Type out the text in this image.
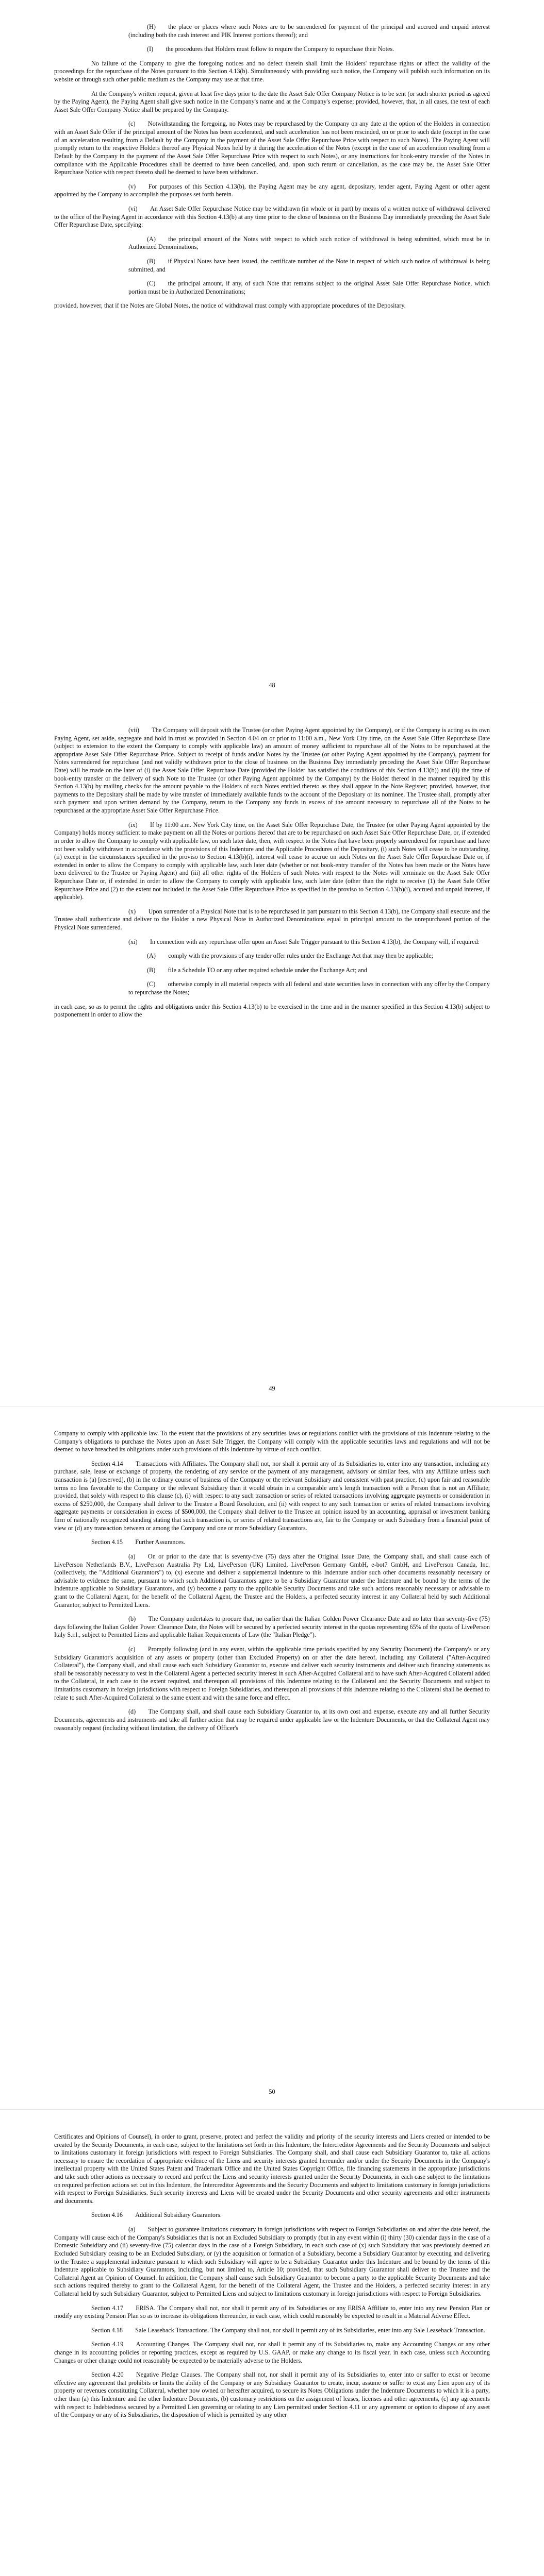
(H)  the place or places where such Notes are to be surrendered for payment of the principal and accrued and unpaid interest (including both the cash interest and PIK Interest portions thereof); and

(I)  the procedures that Holders must follow to require the Company to repurchase their Notes.

No failure of the Company to give the foregoing notices and no defect therein shall limit the Holders' repurchase rights or affect the validity of the proceedings for the repurchase of the Notes pursuant to this Section 4.13(b). Simultaneously with providing such notice, the Company will publish such information on its website or through such other public medium as the Company may use at that time.

At the Company's written request, given at least five days prior to the date the Asset Sale Offer Company Notice is to be sent (or such shorter period as agreed by the Paying Agent), the Paying Agent shall give such notice in the Company's name and at the Company's expense; provided, however, that, in all cases, the text of each Asset Sale Offer Company Notice shall be prepared by the Company.

(c)  Notwithstanding the foregoing, no Notes may be repurchased by the Company on any date at the option of the Holders in connection with an Asset Sale Offer if the principal amount of the Notes has been accelerated, and such acceleration has not been rescinded, on or prior to such date (except in the case of an acceleration resulting from a Default by the Company in the payment of the Asset Sale Offer Repurchase Price with respect to such Notes). The Paying Agent will promptly return to the respective Holders thereof any Physical Notes held by it during the acceleration of the Notes (except in the case of an acceleration resulting from a Default by the Company in the payment of the Asset Sale Offer Repurchase Price with respect to such Notes), or any instructions for book-entry transfer of the Notes in compliance with the Applicable Procedures shall be deemed to have been cancelled, and, upon such return or cancellation, as the case may be, the Asset Sale Offer Repurchase Notice with respect thereto shall be deemed to have been withdrawn.

(v)  For purposes of this Section 4.13(b), the Paying Agent may be any agent, depositary, tender agent, Paying Agent or other agent appointed by the Company to accomplish the purposes set forth herein.

(vi)  An Asset Sale Offer Repurchase Notice may be withdrawn (in whole or in part) by means of a written notice of withdrawal delivered to the office of the Paying Agent in accordance with this Section 4.13(b) at any time prior to the close of business on the Business Day immediately preceding the Asset Sale Offer Repurchase Date, specifying:

(A)  the principal amount of the Notes with respect to which such notice of withdrawal is being submitted, which must be in Authorized Denominations,

(B)  if Physical Notes have been issued, the certificate number of the Note in respect of which such notice of withdrawal is being submitted, and

(C)  the principal amount, if any, of such Note that remains subject to the original Asset Sale Offer Repurchase Notice, which portion must be in Authorized Denominations;

provided, however, that if the Notes are Global Notes, the notice of withdrawal must comply with appropriate procedures of the Depositary.

48

(vii)  The Company will deposit with the Trustee (or other Paying Agent appointed by the Company), or if the Company is acting as its own Paying Agent, set aside, segregate and hold in trust as provided in Section 4.04 on or prior to 11:00 a.m., New York City time, on the Asset Sale Offer Repurchase Date (subject to extension to the extent the Company to comply with applicable law) an amount of money sufficient to repurchase all of the Notes to be repurchased at the appropriate Asset Sale Offer Repurchase Price. Subject to receipt of funds and/or Notes by the Trustee (or other Paying Agent appointed by the Company), payment for Notes surrendered for repurchase (and not validly withdrawn prior to the close of business on the Business Day immediately preceding the Asset Sale Offer Repurchase Date) will be made on the later of (i) the Asset Sale Offer Repurchase Date (provided the Holder has satisfied the conditions of this Section 4.13(b)) and (ii) the time of book-entry transfer or the delivery of such Note to the Trustee (or other Paying Agent appointed by the Company) by the Holder thereof in the manner required by this Section 4.13(b) by mailing checks for the amount payable to the Holders of such Notes entitled thereto as they shall appear in the Note Register; provided, however, that payments to the Depositary shall be made by wire transfer of immediately available funds to the account of the Depositary or its nominee. The Trustee shall, promptly after such payment and upon written demand by the Company, return to the Company any funds in excess of the amount necessary to repurchase all of the Notes to be repurchased at the appropriate Asset Sale Offer Repurchase Price.

(ix)  If by 11:00 a.m. New York City time, on the Asset Sale Offer Repurchase Date, the Trustee (or other Paying Agent appointed by the Company) holds money sufficient to make payment on all the Notes or portions thereof that are to be repurchased on such Asset Sale Offer Repurchase Date, or, if extended in order to allow the Company to comply with applicable law, on such later date, then, with respect to the Notes that have been properly surrendered for repurchase and have not been validly withdrawn in accordance with the provisions of this Indenture and the Applicable Procedures of the Depositary, (i) such Notes will cease to be outstanding, (ii) except in the circumstances specified in the proviso to Section 4.13(b)(i), interest will cease to accrue on such Notes on the Asset Sale Offer Repurchase Date or, if extended in order to allow the Company to comply with applicable law, such later date (whether or not book-entry transfer of the Notes has been made or the Notes have been delivered to the Trustee or Paying Agent) and (iii) all other rights of the Holders of such Notes with respect to the Notes will terminate on the Asset Sale Offer Repurchase Date or, if extended in order to allow the Company to comply with applicable law, such later date (other than the right to receive (1) the Asset Sale Offer Repurchase Price and (2) to the extent not included in the Asset Sale Offer Repurchase Price as specified in the proviso to Section 4.13(b)(i), accrued and unpaid interest, if applicable).

(x)  Upon surrender of a Physical Note that is to be repurchased in part pursuant to this Section 4.13(b), the Company shall execute and the Trustee shall authenticate and deliver to the Holder a new Physical Note in Authorized Denominations equal in principal amount to the unrepurchased portion of the Physical Note surrendered.

(xi)  In connection with any repurchase offer upon an Asset Sale Trigger pursuant to this Section 4.13(b), the Company will, if required:

(A)  comply with the provisions of any tender offer rules under the Exchange Act that may then be applicable;

(B)  file a Schedule TO or any other required schedule under the Exchange Act; and

(C)  otherwise comply in all material respects with all federal and state securities laws in connection with any offer by the Company to repurchase the Notes;

in each case, so as to permit the rights and obligations under this Section 4.13(b) to be exercised in the time and in the manner specified in this Section 4.13(b) subject to postponement in order to allow the

49

Company to comply with applicable law. To the extent that the provisions of any securities laws or regulations conflict with the provisions of this Indenture relating to the Company's obligations to purchase the Notes upon an Asset Sale Trigger, the Company will comply with the applicable securities laws and regulations and will not be deemed to have breached its obligations under such provisions of this Indenture by virtue of such conflict.

Section 4.14  Transactions with Affiliates. The Company shall not, nor shall it permit any of its Subsidiaries to, enter into any transaction, including any purchase, sale, lease or exchange of property, the rendering of any service or the payment of any management, advisory or similar fees, with any Affiliate unless such transaction is (a) [reserved], (b) in the ordinary course of business of the Company or the relevant Subsidiary and consistent with past practice, (c) upon fair and reasonable terms no less favorable to the Company or the relevant Subsidiary than it would obtain in a comparable arm's length transaction with a Person that is not an Affiliate; provided, that solely with respect to this clause (c), (i) with respect to any such transaction or series of related transactions involving aggregate payments or consideration in excess of $250,000, the Company shall deliver to the Trustee a Board Resolution, and (ii) with respect to any such transaction or series of related transactions involving aggregate payments or consideration in excess of $500,000, the Company shall deliver to the Trustee an opinion issued by an accounting, appraisal or investment banking firm of nationally recognized standing stating that such transaction is, or series of related transactions are, fair to the Company or such Subsidiary from a financial point of view or (d) any transaction between or among the Company and one or more Subsidiary Guarantors.

Section 4.15  Further Assurances.

(a)  On or prior to the date that is seventy-five (75) days after the Original Issue Date, the Company shall, and shall cause each of LivePerson Netherlands B.V., LivePerson Australia Pty Ltd, LivePerson (UK) Limited, LivePerson Germany GmbH, e-bot7 GmbH, and LivePerson Canada, Inc. (collectively, the "Additional Guarantors") to, (x) execute and deliver a supplemental indenture to this Indenture and/or such other documents reasonably necessary or advisable to evidence the same, pursuant to which such Additional Guarantors agree to be a Subsidiary Guarantor under the Indenture and be bound by the terms of the Indenture applicable to Subsidiary Guarantors, and (y) become a party to the applicable Security Documents and take such actions reasonably necessary or advisable to grant to the Collateral Agent, for the benefit of the Collateral Agent, the Trustee and the Holders, a perfected security interest in any Collateral held by such Additional Guarantor, subject to Permitted Liens.

(b)  The Company undertakes to procure that, no earlier than the Italian Golden Power Clearance Date and no later than seventy-five (75) days following the Italian Golden Power Clearance Date, the Notes will be secured by a perfected security interest in the quotas representing 65% of the quota of LivePerson Italy S.r.l., subject to Permitted Liens and applicable Italian Requirements of Law (the "Italian Pledge").

(c)  Promptly following (and in any event, within the applicable time periods specified by any Security Document) the Company's or any Subsidiary Guarantor's acquisition of any assets or property (other than Excluded Property) on or after the date hereof, including any Collateral ("After-Acquired Collateral"), the Company shall, and shall cause each such Subsidiary Guarantor to, execute and deliver such security instruments and deliver such financing statements as shall be reasonably necessary to vest in the Collateral Agent a perfected security interest in such After-Acquired Collateral and to have such After-Acquired Collateral added to the Collateral, in each case to the extent required, and thereupon all provisions of this Indenture relating to the Collateral and the Security Documents and subject to limitations customary in foreign jurisdictions with respect to Foreign Subsidiaries, and thereupon all provisions of this Indenture relating to the Collateral shall be deemed to relate to such After-Acquired Collateral to the same extent and with the same force and effect.

(d)  The Company shall, and shall cause each Subsidiary Guarantor to, at its own cost and expense, execute any and all further Security Documents, agreements and instruments and take all further action that may be required under applicable law or the Indenture Documents, or that the Collateral Agent may reasonably request (including without limitation, the delivery of Officer's

50

Certificates and Opinions of Counsel), in order to grant, preserve, protect and perfect the validity and priority of the security interests and Liens created or intended to be created by the Security Documents, in each case, subject to the limitations set forth in this Indenture, the Intercreditor Agreements and the Security Documents and subject to limitations customary in foreign jurisdictions with respect to Foreign Subsidiaries. The Company shall, and shall cause each Subsidiary Guarantor to, take all actions necessary to ensure the recordation of appropriate evidence of the Liens and security interests granted hereunder and/or under the Security Documents in the Company's intellectual property with the United States Patent and Trademark Office and the United States Copyright Office, file financing statements in the appropriate jurisdictions and take such other actions as necessary to record and perfect the Liens and security interests granted under the Security Documents, in each case subject to the limitations on required perfection actions set out in this Indenture, the Intercreditor Agreements and the Security Documents and subject to limitations customary in foreign jurisdictions with respect to Foreign Subsidiaries. Such security interests and Liens will be created under the Security Documents and other security agreements and other instruments and documents.

Section 4.16  Additional Subsidiary Guarantors.

(a)  Subject to guarantee limitations customary in foreign jurisdictions with respect to Foreign Subsidiaries on and after the date hereof, the Company will cause each of the Company's Subsidiaries that is not an Excluded Subsidiary to promptly (but in any event within (i) thirty (30) calendar days in the case of a Domestic Subsidiary and (ii) seventy-five (75) calendar days in the case of a Foreign Subsidiary, in each such case of (x) such Subsidiary that was previously deemed an Excluded Subsidiary ceasing to be an Excluded Subsidiary, or (y) the acquisition or formation of a Subsidiary, become a Subsidiary Guarantor by executing and delivering to the Trustee a supplemental indenture pursuant to which such Subsidiary will agree to be a Subsidiary Guarantor under this Indenture and be bound by the terms of this Indenture applicable to Subsidiary Guarantors, including, but not limited to, Article 10; provided, that such Subsidiary Guarantor shall deliver to the Trustee and the Collateral Agent an Opinion of Counsel. In addition, the Company shall cause such Subsidiary Guarantor to become a party to the applicable Security Documents and take such actions required thereby to grant to the Collateral Agent, for the benefit of the Collateral Agent, the Trustee and the Holders, a perfected security interest in any Collateral held by such Subsidiary Guarantor, subject to Permitted Liens and subject to limitations customary in foreign jurisdictions with respect to Foreign Subsidiaries.

Section 4.17  ERISA. The Company shall not, nor shall it permit any of its Subsidiaries or any ERISA Affiliate to, enter into any new Pension Plan or modify any existing Pension Plan so as to increase its obligations thereunder, in each case, which could reasonably be expected to result in a Material Adverse Effect.

Section 4.18  Sale Leaseback Transactions. The Company shall not, nor shall it permit any of its Subsidiaries, enter into any Sale Leaseback Transaction.

Section 4.19  Accounting Changes. The Company shall not, nor shall it permit any of its Subsidiaries to, make any Accounting Changes or any other change in its accounting policies or reporting practices, except as required by U.S. GAAP, or make any change to its fiscal year, in each case, unless such Accounting Changes or other change could not reasonably be expected to be materially adverse to the Holders.

Section 4.20  Negative Pledge Clauses. The Company shall not, nor shall it permit any of its Subsidiaries to, enter into or suffer to exist or become effective any agreement that prohibits or limits the ability of the Company or any Subsidiary Guarantor to create, incur, assume or suffer to exist any Lien upon any of its property or revenues constituting Collateral, whether now owned or hereafter acquired, to secure its Notes Obligations under the Indenture Documents to which it is a party, other than (a) this Indenture and the other Indenture Documents, (b) customary restrictions on the assignment of leases, licenses and other agreements, (c) any agreements with respect to Indebtedness secured by a Permitted Lien governing or relating to any Lien permitted under Section 4.11 or any agreement or option to dispose of any asset of the Company or any of its Subsidiaries, the disposition of which is permitted by any other
